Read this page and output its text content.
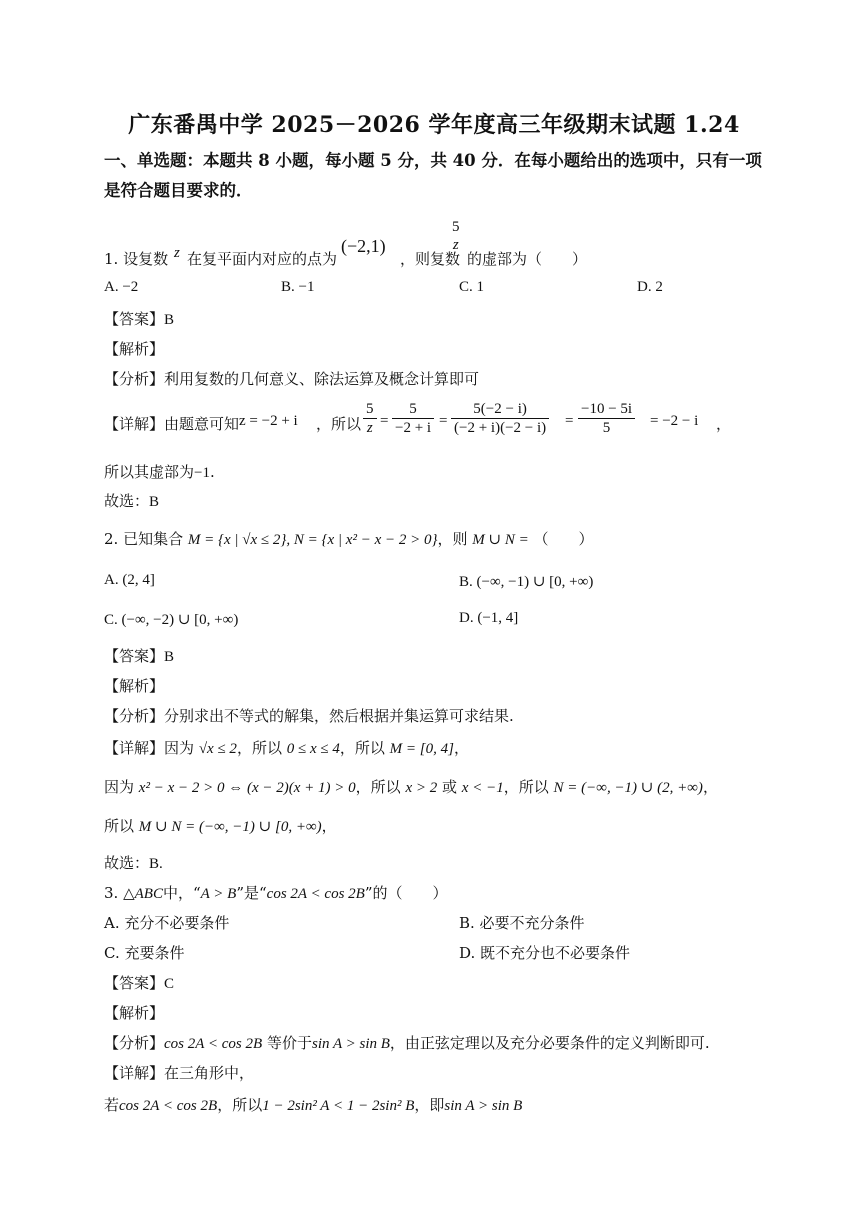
广东番禺中学 2025－2026 学年度高三年级期末试题 1.24
一、单选题：本题共 8 小题，每小题 5 分，共 40 分．在每小题给出的选项中，只有一项是符合题目要求的．
1. 设复数 z 在复平面内对应的点为
(−2,1)
，则复数
5
z
的虚部为（　　）
A. −2	B. −1	C. 1	D. 2
【答案】B
【解析】
【分析】利用复数的几何意义、除法运算及概念计算即可
【详解】 由题意可知 z = −2 + i ，所以 $\frac{5}{z} = \frac{5}{-2 + i} = \frac{5(-2 - i)}{(-2 + i)(-2 - i)} = \frac{-10 - 5i}{5} = -2 - i$ ，
所以其虚部为−1.
故选：B
2. 已知集合 M = {x | √x ≤ 2}, N = {x | x² − x − 2 > 0}，则 M ∪ N = （　　）
A. (2, 4]	B. (−∞, −1) ∪ [0, +∞)
C. (−∞, −2) ∪ [0, +∞)	D. (−1, 4]
【答案】B
【解析】
【分析】分别求出不等式的解集，然后根据并集运算可求结果.
【详解】因为 √x ≤ 2，所以 0 ≤ x ≤ 4，所以 M = [0, 4]，
因为 x² − x − 2 > 0 ⇔ (x − 2)(x + 1) > 0，所以 x > 2 或 x < −1，所以 N = (−∞, −1) ∪ (2, +∞)，
所以 M ∪ N = (−∞, −1) ∪ [0, +∞)，
故选：B.
3. △ABC中，“A > B”是“cos 2A < cos 2B”的（　　）
A. 充分不必要条件	B. 必要不充分条件
C. 充要条件	D. 既不充分也不必要条件
【答案】C
【解析】
【分析】cos 2A < cos 2B 等价于sin A > sin B，由正弦定理以及充分必要条件的定义判断即可.
【详解】在三角形中，
若cos 2A < cos 2B，所以1 − 2sin² A < 1 − 2sin² B，即sin A > sin B
